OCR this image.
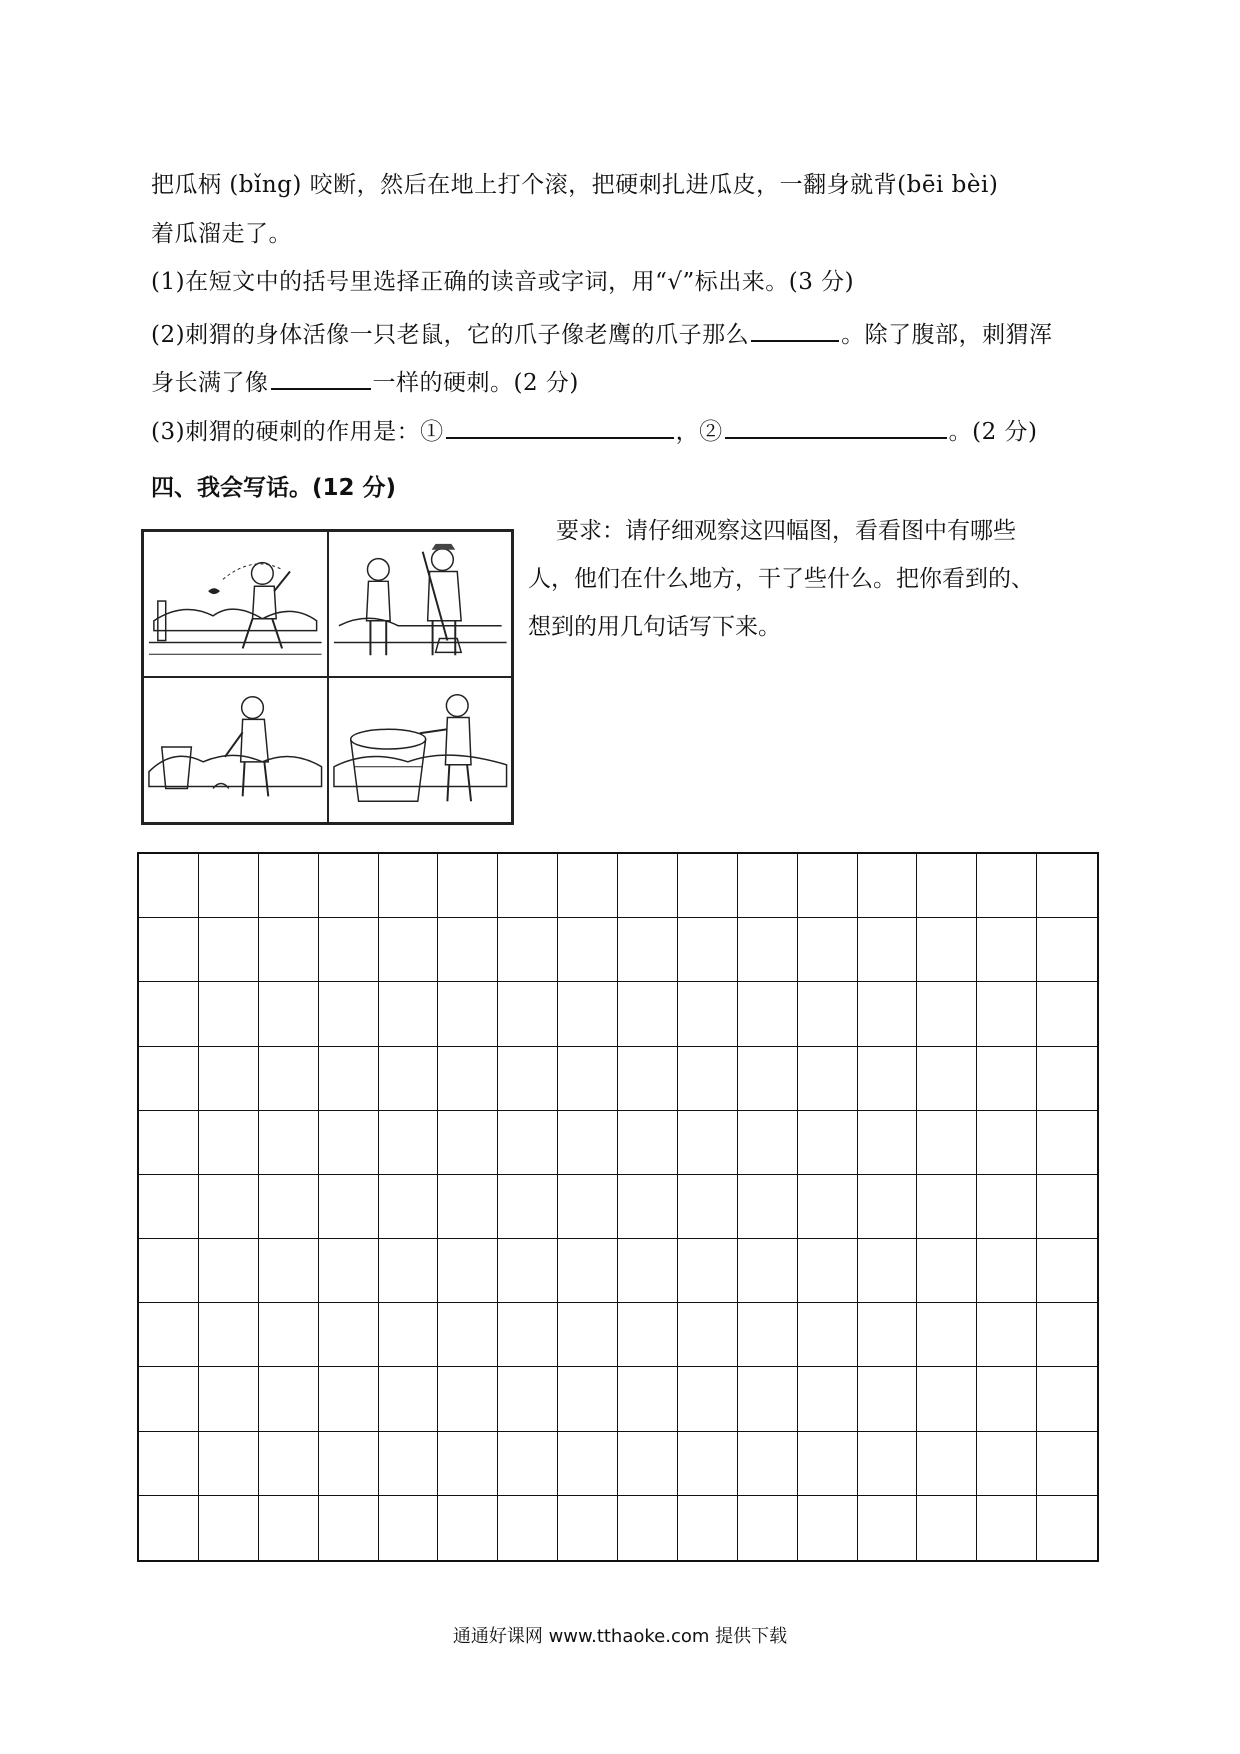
把瓜柄 (bǐng) 咬断，然后在地上打个滚，把硬刺扎进瓜皮，一翻身就背(bēi bèi)
着瓜溜走了。
(1)在短文中的括号里选择正确的读音或字词，用“√”标出来。(3 分)
(2)刺猬的身体活像一只老鼠，它的爪子像老鹰的爪子那么	。除了腹部，刺猬浑
身长满了像	一样的硬刺。(2 分)
(3)刺猬的硬刺的作用是：①	，②	。(2 分)
四、我会写话。(12 分)
要求：请仔细观察这四幅图，看看图中有哪些
人，他们在什么地方，干了些什么。把你看到的、
想到的用几句话写下来。
通通好课网 www.tthaoke.com 提供下载
